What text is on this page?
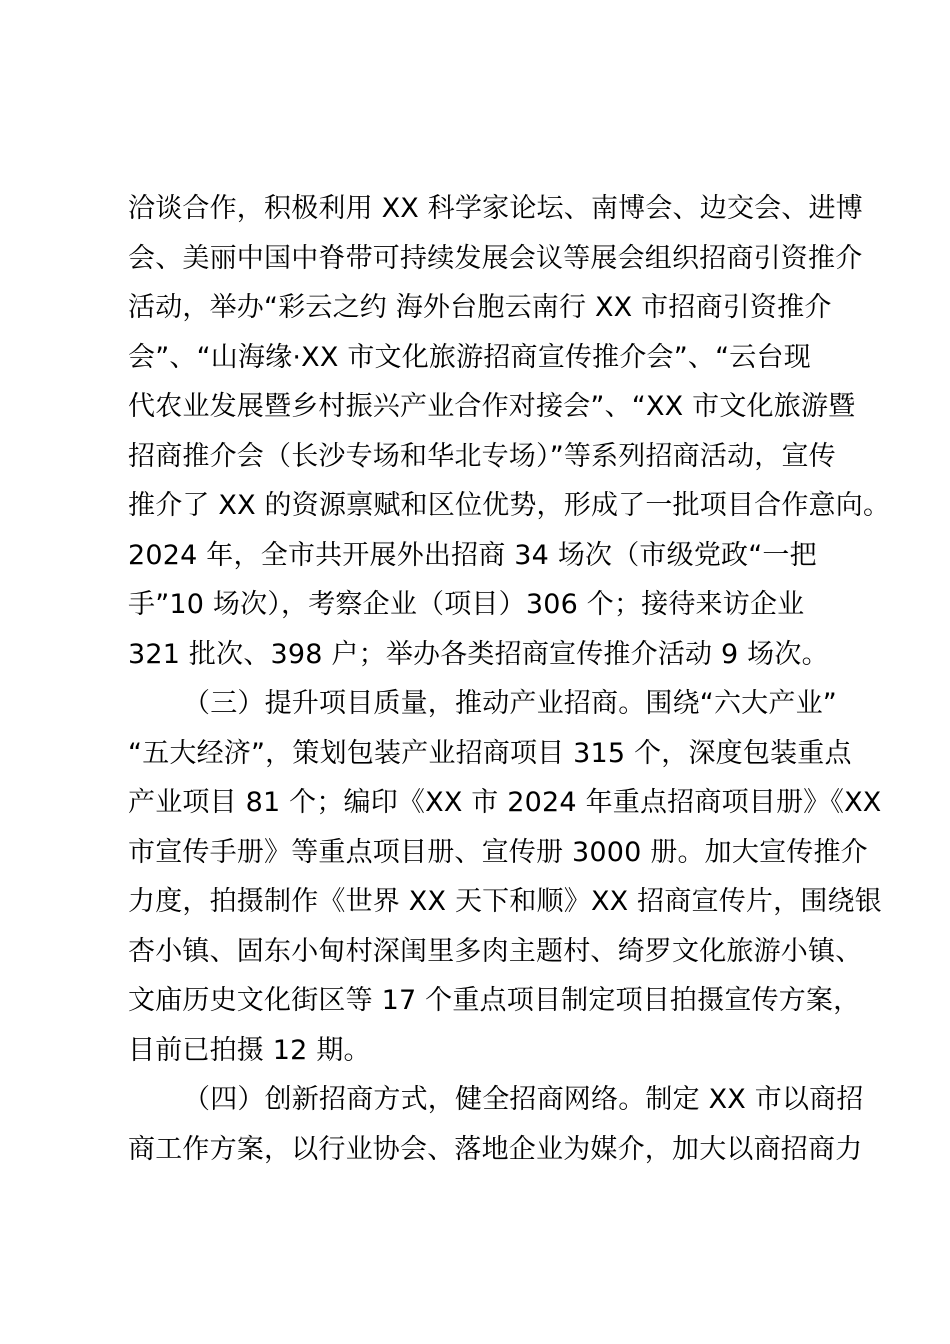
洽谈合作，积极利用 XX 科学家论坛、南博会、边交会、进博
会、美丽中国中脊带可持续发展会议等展会组织招商引资推介
活动，举办“彩云之约 海外台胞云南行 XX 市招商引资推介
会”、“山海缘·XX 市文化旅游招商宣传推介会”、“云台现
代农业发展暨乡村振兴产业合作对接会”、“XX 市文化旅游暨
招商推介会（长沙专场和华北专场）”等系列招商活动，宣传
推介了 XX 的资源禀赋和区位优势，形成了一批项目合作意向。
2024 年，全市共开展外出招商 34 场次（市级党政“一把
手”10 场次），考察企业（项目）306 个；接待来访企业
321 批次、398 户；举办各类招商宣传推介活动 9 场次。
（三）提升项目质量，推动产业招商。围绕“六大产业”
“五大经济”，策划包装产业招商项目 315 个，深度包装重点
产业项目 81 个；编印《XX 市 2024 年重点招商项目册》《XX
市宣传手册》等重点项目册、宣传册 3000 册。加大宣传推介
力度，拍摄制作《世界 XX 天下和顺》XX 招商宣传片，围绕银
杏小镇、固东小甸村深闺里多肉主题村、绮罗文化旅游小镇、
文庙历史文化街区等 17 个重点项目制定项目拍摄宣传方案，
目前已拍摄 12 期。
（四）创新招商方式，健全招商网络。制定 XX 市以商招
商工作方案，以行业协会、落地企业为媒介，加大以商招商力
